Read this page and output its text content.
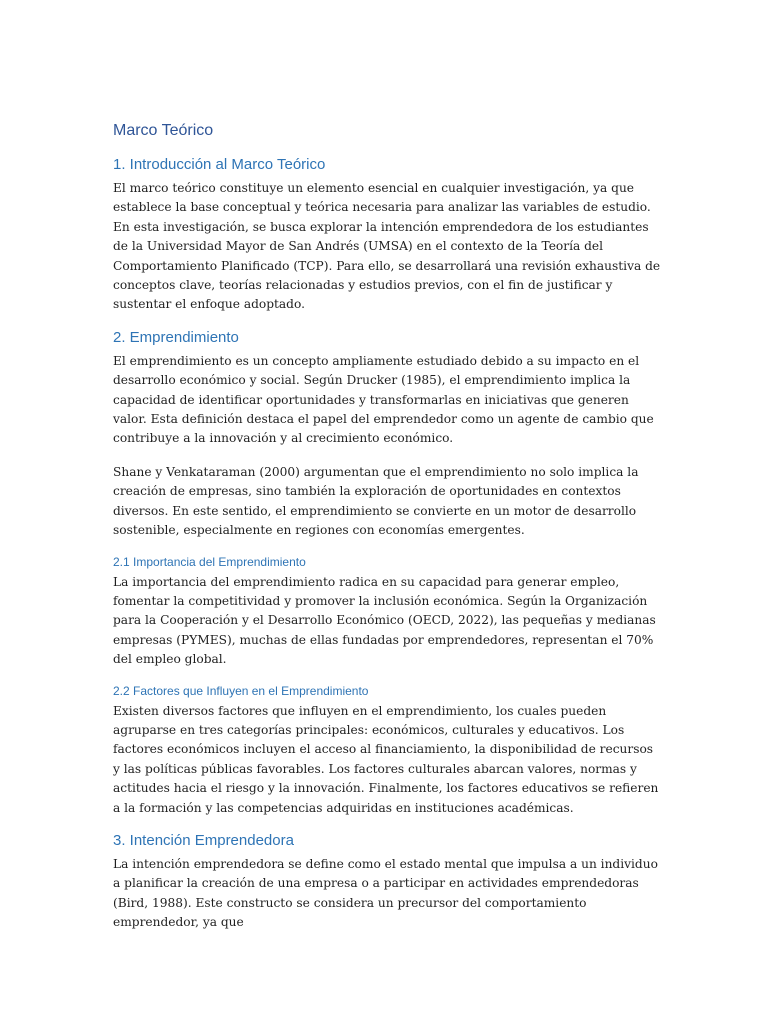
Marco Teórico
1. Introducción al Marco Teórico

El marco teórico constituye un elemento esencial en cualquier investigación, ya que establece la base conceptual y teórica necesaria para analizar las variables de estudio. En esta investigación, se busca explorar la intención emprendedora de los estudiantes de la Universidad Mayor de San Andrés (UMSA) en el contexto de la Teoría del Comportamiento Planificado (TCP). Para ello, se desarrollará una revisión exhaustiva de conceptos clave, teorías relacionadas y estudios previos, con el fin de justificar y sustentar el enfoque adoptado.

2. Emprendimiento

El emprendimiento es un concepto ampliamente estudiado debido a su impacto en el desarrollo económico y social. Según Drucker (1985), el emprendimiento implica la capacidad de identificar oportunidades y transformarlas en iniciativas que generen valor. Esta definición destaca el papel del emprendedor como un agente de cambio que contribuye a la innovación y al crecimiento económico.

Shane y Venkataraman (2000) argumentan que el emprendimiento no solo implica la creación de empresas, sino también la exploración de oportunidades en contextos diversos. En este sentido, el emprendimiento se convierte en un motor de desarrollo sostenible, especialmente en regiones con economías emergentes.

2.1 Importancia del Emprendimiento

La importancia del emprendimiento radica en su capacidad para generar empleo, fomentar la competitividad y promover la inclusión económica. Según la Organización para la Cooperación y el Desarrollo Económico (OECD, 2022), las pequeñas y medianas empresas (PYMES), muchas de ellas fundadas por emprendedores, representan el 70% del empleo global.

2.2 Factores que Influyen en el Emprendimiento

Existen diversos factores que influyen en el emprendimiento, los cuales pueden agruparse en tres categorías principales: económicos, culturales y educativos. Los factores económicos incluyen el acceso al financiamiento, la disponibilidad de recursos y las políticas públicas favorables. Los factores culturales abarcan valores, normas y actitudes hacia el riesgo y la innovación. Finalmente, los factores educativos se refieren a la formación y las competencias adquiridas en instituciones académicas.

3. Intención Emprendedora

La intención emprendedora se define como el estado mental que impulsa a un individuo a planificar la creación de una empresa o a participar en actividades emprendedoras (Bird, 1988). Este constructo se considera un precursor del comportamiento emprendedor, ya que
